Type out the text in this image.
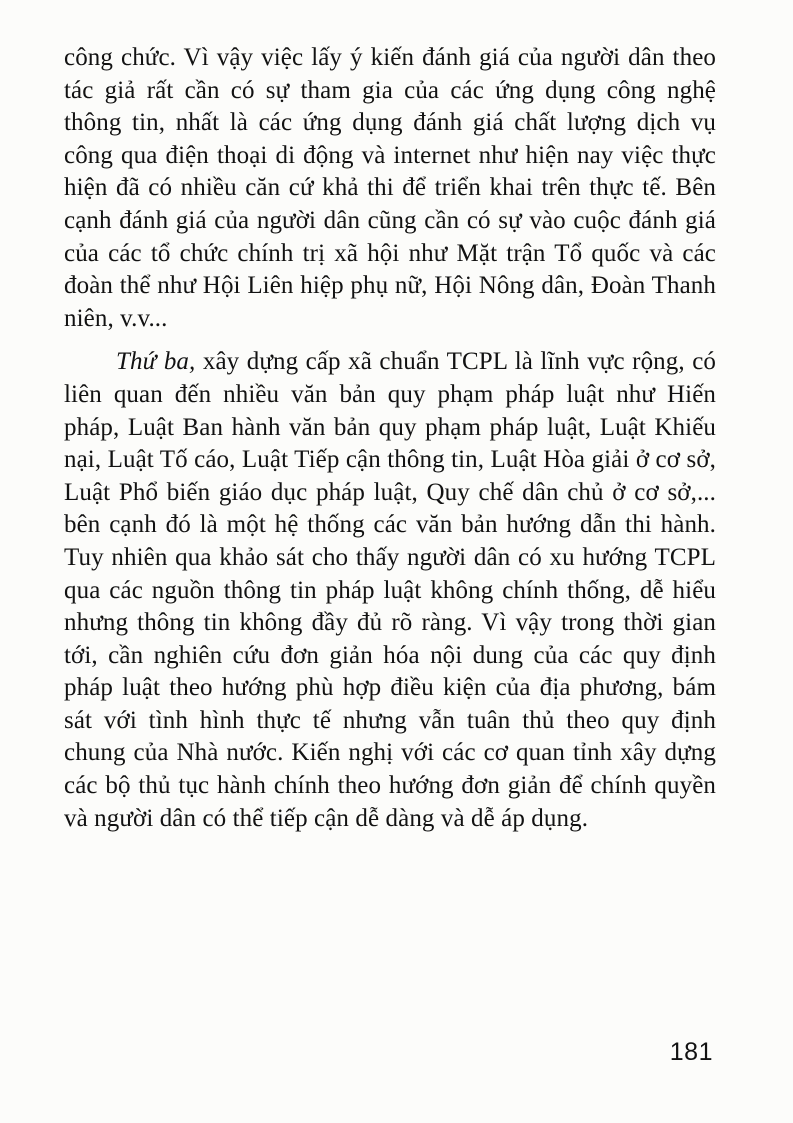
công chức. Vì vậy việc lấy ý kiến đánh giá của người dân theo tác giả rất cần có sự tham gia của các ứng dụng công nghệ thông tin, nhất là các ứng dụng đánh giá chất lượng dịch vụ công qua điện thoại di động và internet như hiện nay việc thực hiện đã có nhiều căn cứ khả thi để triển khai trên thực tế. Bên cạnh đánh giá của người dân cũng cần có sự vào cuộc đánh giá của các tổ chức chính trị xã hội như Mặt trận Tổ quốc và các đoàn thể như Hội Liên hiệp phụ nữ, Hội Nông dân, Đoàn Thanh niên, v.v...

Thứ ba, xây dựng cấp xã chuẩn TCPL là lĩnh vực rộng, có liên quan đến nhiều văn bản quy phạm pháp luật như Hiến pháp, Luật Ban hành văn bản quy phạm pháp luật, Luật Khiếu nại, Luật Tố cáo, Luật Tiếp cận thông tin, Luật Hòa giải ở cơ sở, Luật Phổ biến giáo dục pháp luật, Quy chế dân chủ ở cơ sở,... bên cạnh đó là một hệ thống các văn bản hướng dẫn thi hành. Tuy nhiên qua khảo sát cho thấy người dân có xu hướng TCPL qua các nguồn thông tin pháp luật không chính thống, dễ hiểu nhưng thông tin không đầy đủ rõ ràng. Vì vậy trong thời gian tới, cần nghiên cứu đơn giản hóa nội dung của các quy định pháp luật theo hướng phù hợp điều kiện của địa phương, bám sát với tình hình thực tế nhưng vẫn tuân thủ theo quy định chung của Nhà nước. Kiến nghị với các cơ quan tỉnh xây dựng các bộ thủ tục hành chính theo hướng đơn giản để chính quyền và người dân có thể tiếp cận dễ dàng và dễ áp dụng.

181
